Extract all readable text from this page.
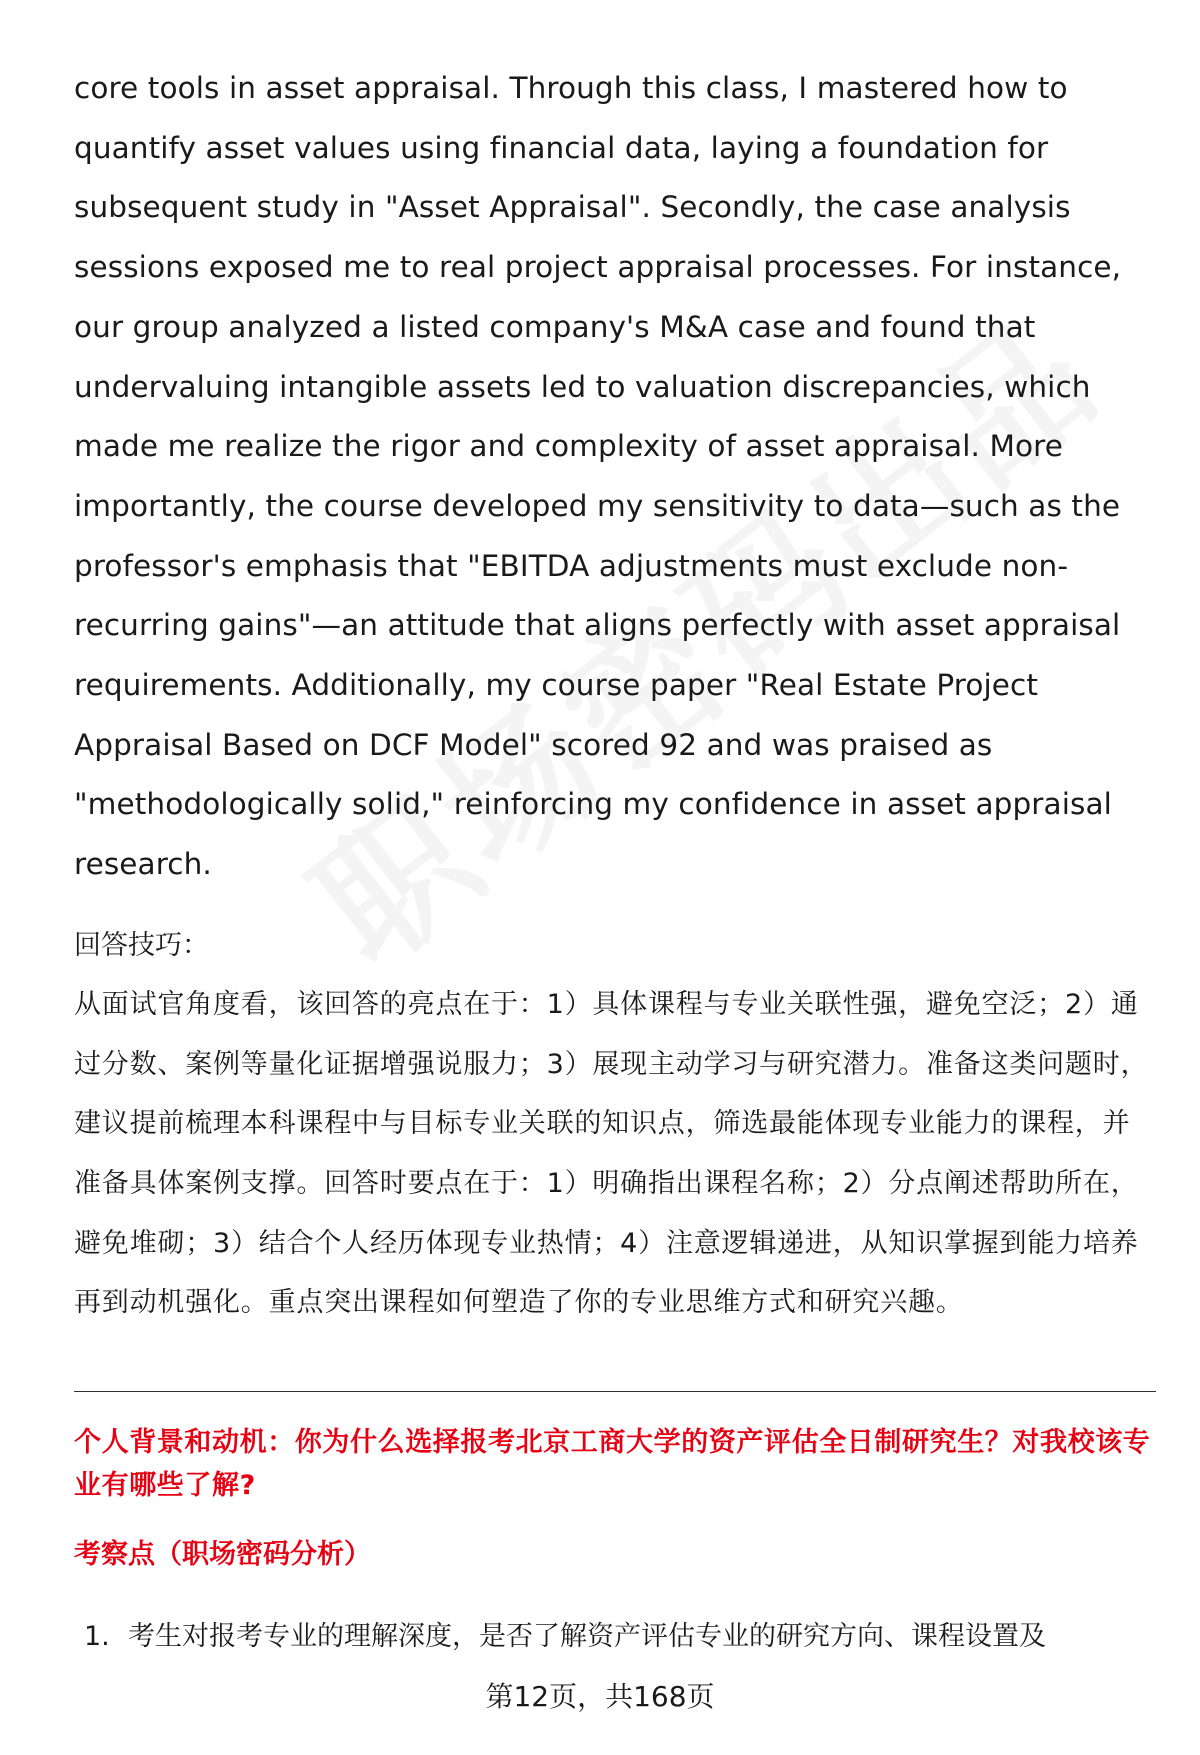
core tools in asset appraisal. Through this class, I mastered how to quantify asset values using financial data, laying a foundation for subsequent study in "Asset Appraisal". Secondly, the case analysis sessions exposed me to real project appraisal processes. For instance, our group analyzed a listed company's M&A case and found that undervaluing intangible assets led to valuation discrepancies, which made me realize the rigor and complexity of asset appraisal. More importantly, the course developed my sensitivity to data—such as the professor's emphasis that "EBITDA adjustments must exclude non-recurring gains"—an attitude that aligns perfectly with asset appraisal requirements. Additionally, my course paper "Real Estate Project Appraisal Based on DCF Model" scored 92 and was praised as "methodologically solid," reinforcing my confidence in asset appraisal research.

回答技巧：

从面试官角度看，该回答的亮点在于：1）具体课程与专业关联性强，避免空泛；2）通过分数、案例等量化证据增强说服力；3）展现主动学习与研究潜力。准备这类问题时，建议提前梳理本科课程中与目标专业关联的知识点，筛选最能体现专业能力的课程，并准备具体案例支撑。回答时要点在于：1）明确指出课程名称；2）分点阐述帮助所在，避免堆砌；3）结合个人经历体现专业热情；4）注意逻辑递进，从知识掌握到能力培养再到动机强化。重点突出课程如何塑造了你的专业思维方式和研究兴趣。

个人背景和动机：你为什么选择报考北京工商大学的资产评估全日制研究生？对我校该专业有哪些了解?

考察点（职场密码分析）

1. 考生对报考专业的理解深度，是否了解资产评估专业的研究方向、课程设置及
第12页，共168页
